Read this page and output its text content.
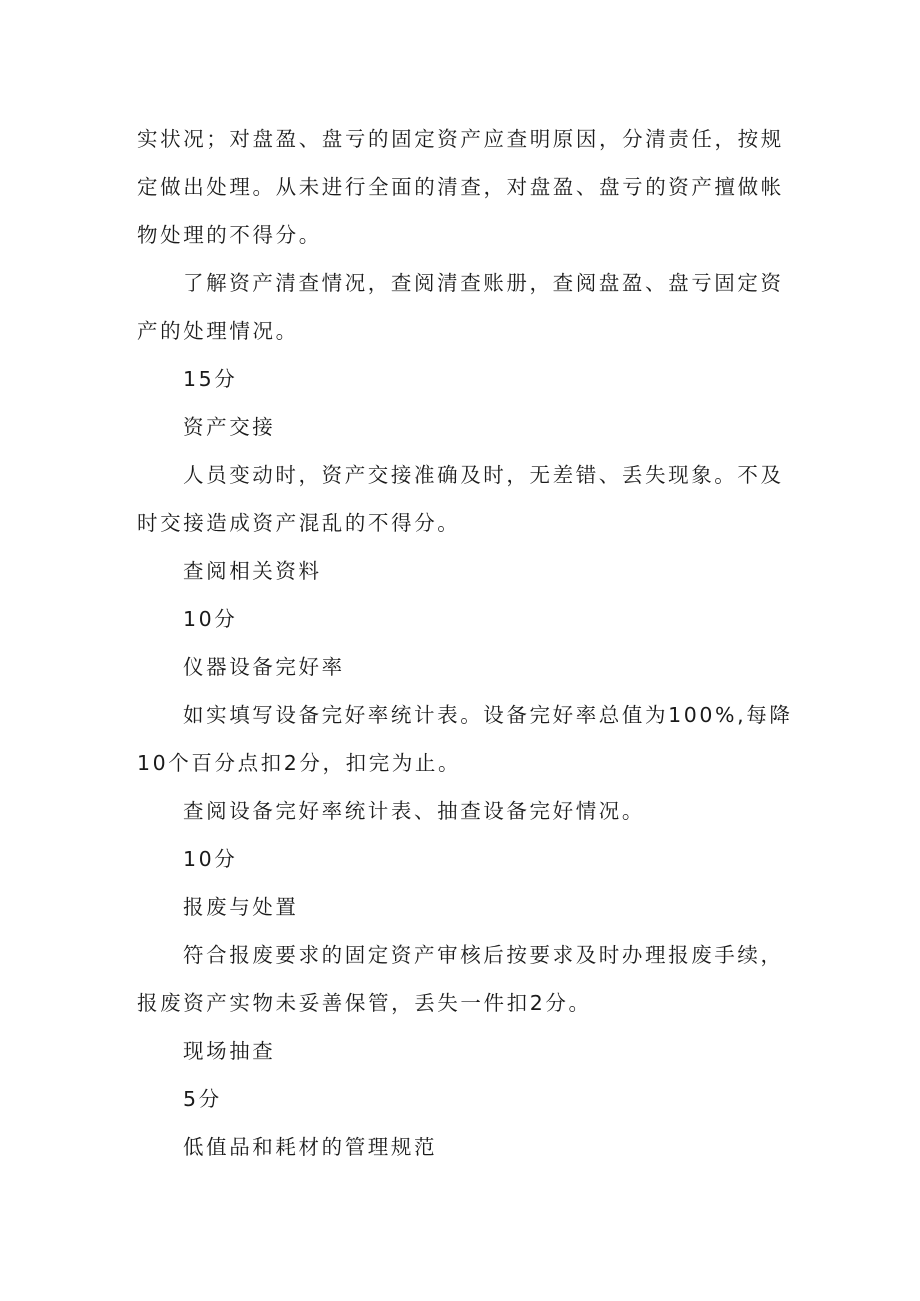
实状况；对盘盈、盘亏的固定资产应查明原因，分清责任，按规定做出处理。从未进行全面的清查，对盘盈、盘亏的资产擅做帐物处理的不得分。

了解资产清查情况，查阅清查账册，查阅盘盈、盘亏固定资产的处理情况。

15分

资产交接

人员变动时，资产交接准确及时，无差错、丢失现象。不及时交接造成资产混乱的不得分。

查阅相关资料

10分

仪器设备完好率

如实填写设备完好率统计表。设备完好率总值为100%,每降10个百分点扣2分，扣完为止。

查阅设备完好率统计表、抽查设备完好情况。

10分

报废与处置

符合报废要求的固定资产审核后按要求及时办理报废手续，报废资产实物未妥善保管，丢失一件扣2分。

现场抽查

5分

低值品和耗材的管理规范
